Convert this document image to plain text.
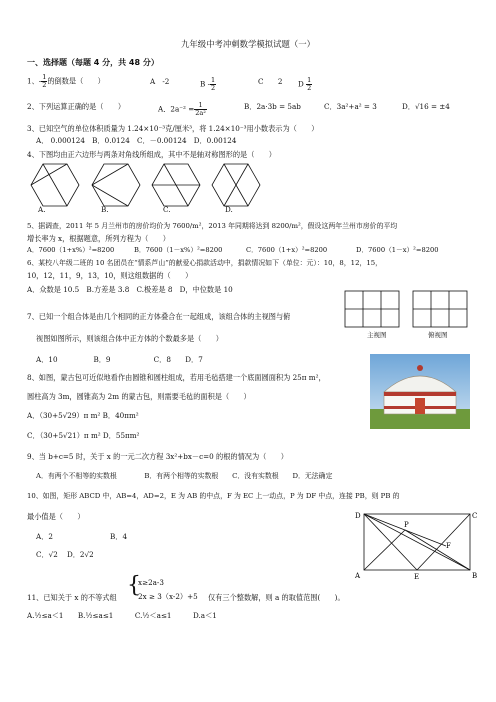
九年级中考冲刺数学模拟试题（一）
一、选择题（每题 4 分，共 48 分）
1、- $\frac{1}{2}$ 的倒数是（　　）	A　-2	B - $\frac{1}{2}$	C　　2 D $\frac{1}{2}$
2、下列运算正确的是（　　）	A．$2a^{-2} = \frac{1}{\text{2a²}}$	B．2a·3b = 5ab	C．3a²+a² = 3	D．√16 = ±4
3、已知空气的单位体积质量为 1.24×10⁻³克/厘米³，将 1.24×10⁻³用小数表示为（　　）
A． 0.000124　B．0.0124　C．－0.00124　D．0.00124
4、下图均由正六边形与两条对角线所组成，其中不是轴对称图形的是（　　）
A.	B.	C.	D.
5、据调查，2011 年 5 月兰州市的房价均价为 7600/m²，2013 年同期将达到 8200/m²，假设这两年兰州市房价的平均
增长率为 x，根据题意，所列方程为（　　）
A．7600（1+x%）²=8200	B．7600（1－x%）²=8200	C．7600（1+x）²=8200	D．7600（1－x）²=8200
6、某校八年级二班的 10 名团员在“情系芦山”的献爱心捐款活动中，捐款情况如下（单位：元）：10，8，12，15，
10，12，11，9，13，10，则这组数据的（　　）
A．众数是 10.5　B.方差是 3.8　C.极差是 8　D，中位数是 10
7、已知一个组合体是由几个相同的正方体叠合在一起组成，该组合体的主视图与俯
视图如图所示，则该组合体中正方体的个数最多是（　　）
A．10　　　　　B．9　　　　　　C．8　　D．7
主视图	俯视图
8、如图，蒙古包可近似地看作由圆锥和圆柱组成，若用毛毡搭建一个底面圆面积为 25π m²，
圆柱高为 3m，圆锥高为 2m 的蒙古包，则需要毛毡的面积是（　　）
A．（30+5√29）π m² B．40πm²
C．（30+5√21）π m² D．55πm²
9、当 b+c=5 时，关于 x 的一元二次方程 3x²+bx－c=0 的根的情况为（　　）
A．有两个不相等的实数根　　　　B．有两个相等的实数根　　C．没有实数根　　D．无法确定
10、如图，矩形 ABCD 中，AB=4，AD=2，E 为 AB 的中点，F 为 EC 上一动点，P 为 DF 中点，连接 PB，则 PB 的
最小值是（　　）
A．2	B．4
C．√2 D．2√2
D	C
A	B
E
P
F
11、已知关于 x 的不等式组 {
x≥2a-3
2x ≥ 3（x-2）+5 仅有三个整数解，则 a 的取值范围(　　)。
A.½≤a＜1　　B.½≤a≤1　　　C.½＜a≤1　　　D.a＜1
